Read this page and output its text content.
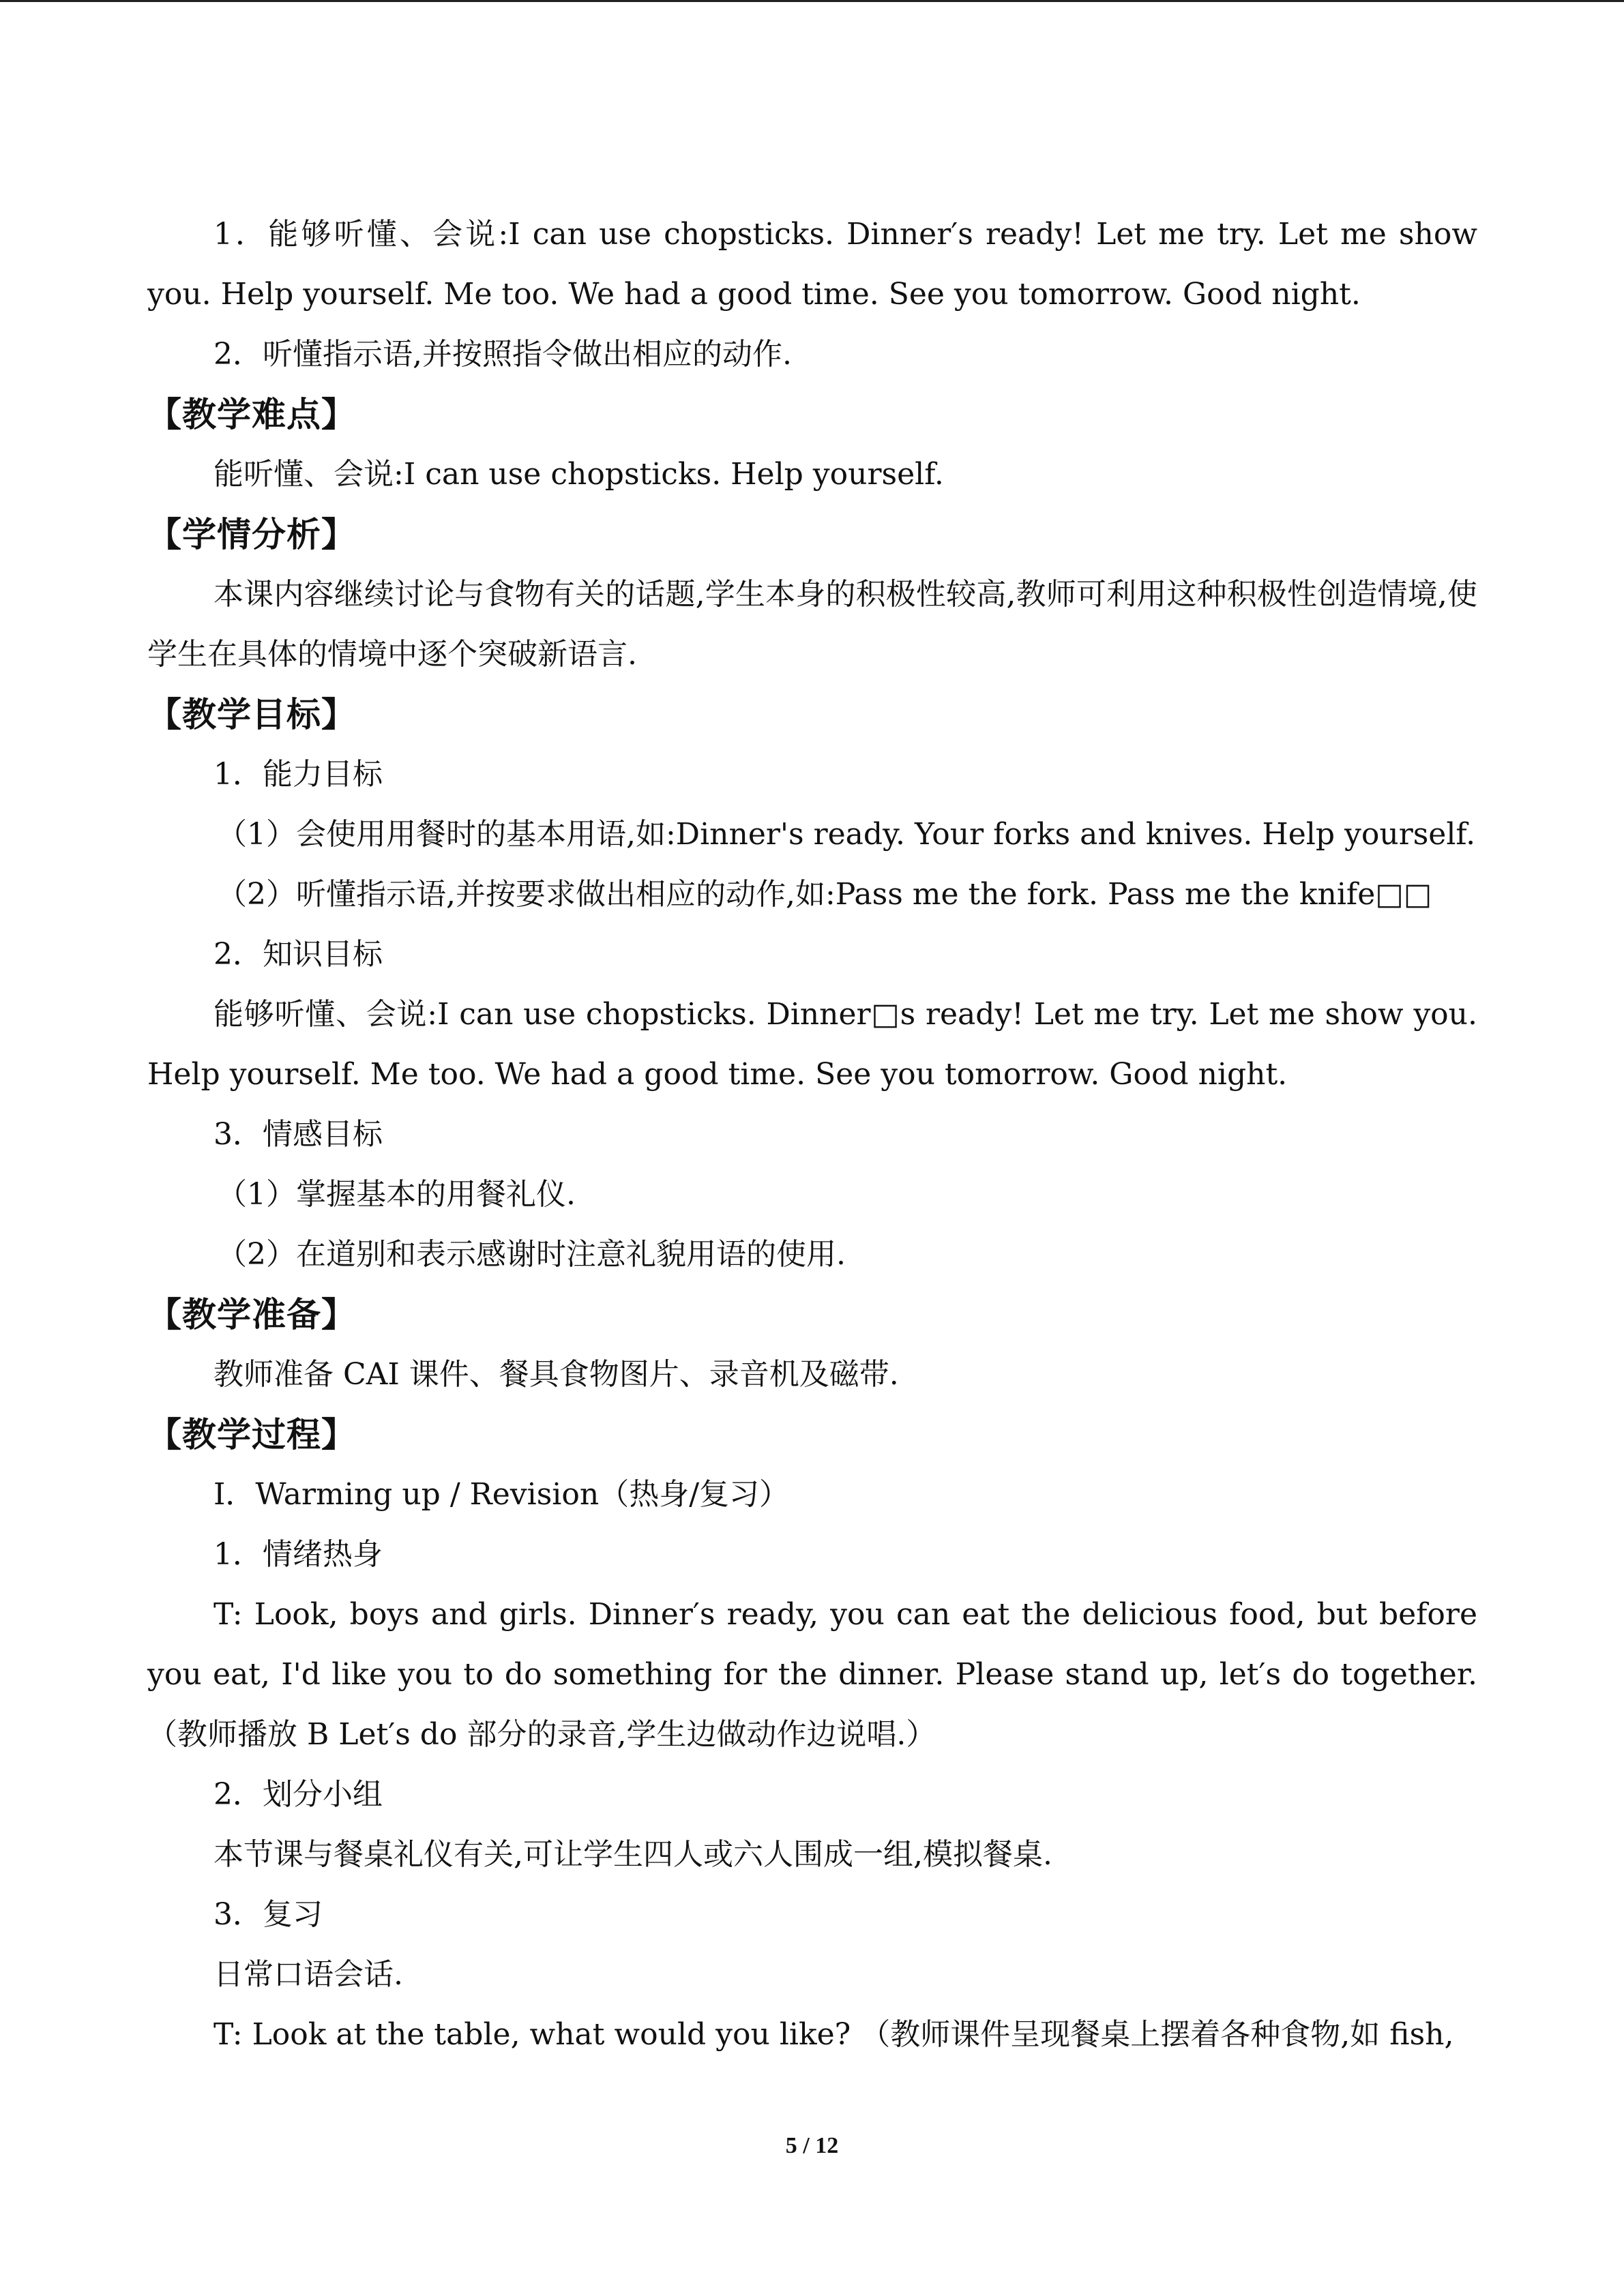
1．能够听懂、会说:I can use chopsticks. Dinner′s ready! Let me try. Let me show you. Help yourself. Me too. We had a good time. See you tomorrow. Good night.

2．听懂指示语,并按照指令做出相应的动作.

【教学难点】

能听懂、会说:I can use chopsticks. Help yourself.

【学情分析】

本课内容继续讨论与食物有关的话题,学生本身的积极性较高,教师可利用这种积极性创造情境,使学生在具体的情境中逐个突破新语言.

【教学目标】

1．能力目标

（1）会使用用餐时的基本用语,如:Dinner's ready. Your forks and knives. Help yourself.

（2）听懂指示语,并按要求做出相应的动作,如:Pass me the fork. Pass me the knife□□

2．知识目标

能够听懂、会说:I can use chopsticks. Dinner□s ready! Let me try. Let me show you. Help yourself. Me too. We had a good time. See you tomorrow. Good night.

3．情感目标

（1）掌握基本的用餐礼仪.

（2）在道别和表示感谢时注意礼貌用语的使用.

【教学准备】

教师准备 CAI 课件、餐具食物图片、录音机及磁带.

【教学过程】

Ⅰ．Warming up / Revision（热身/复习）

1．情绪热身

T: Look, boys and girls. Dinner′s ready, you can eat the delicious food, but before you eat, I'd like you to do something for the dinner. Please stand up, let′s do together. （教师播放 B Let′s do 部分的录音,学生边做动作边说唱.）

2．划分小组

本节课与餐桌礼仪有关,可让学生四人或六人围成一组,模拟餐桌.

3．复习

日常口语会话.

T: Look at the table, what would you like? （教师课件呈现餐桌上摆着各种食物,如 fish,

5 / 12
